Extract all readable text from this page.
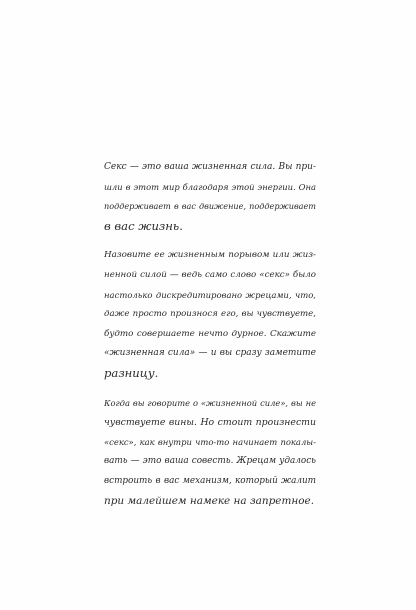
Секс — это ваша жизненная сила. Вы при-
шли в этот мир благодаря этой энергии. Она
поддерживает в вас движение, поддерживает
в вас жизнь.

Назовите ее жизненным порывом или жиз-
ненной силой — ведь само слово «секс» было
настолько дискредитировано жрецами, что,
даже просто произнося его, вы чувствуете,
будто совершаете нечто дурное. Скажите
«жизненная сила» — и вы сразу заметите
разницу.

Когда вы говорите о «жизненной силе», вы не
чувствуете вины. Но стоит произнести
«секс», как внутри что-то начинает покалы-
вать — это ваша совесть. Жрецам удалось
встроить в вас механизм, который жалит
при малейшем намеке на запретное.
